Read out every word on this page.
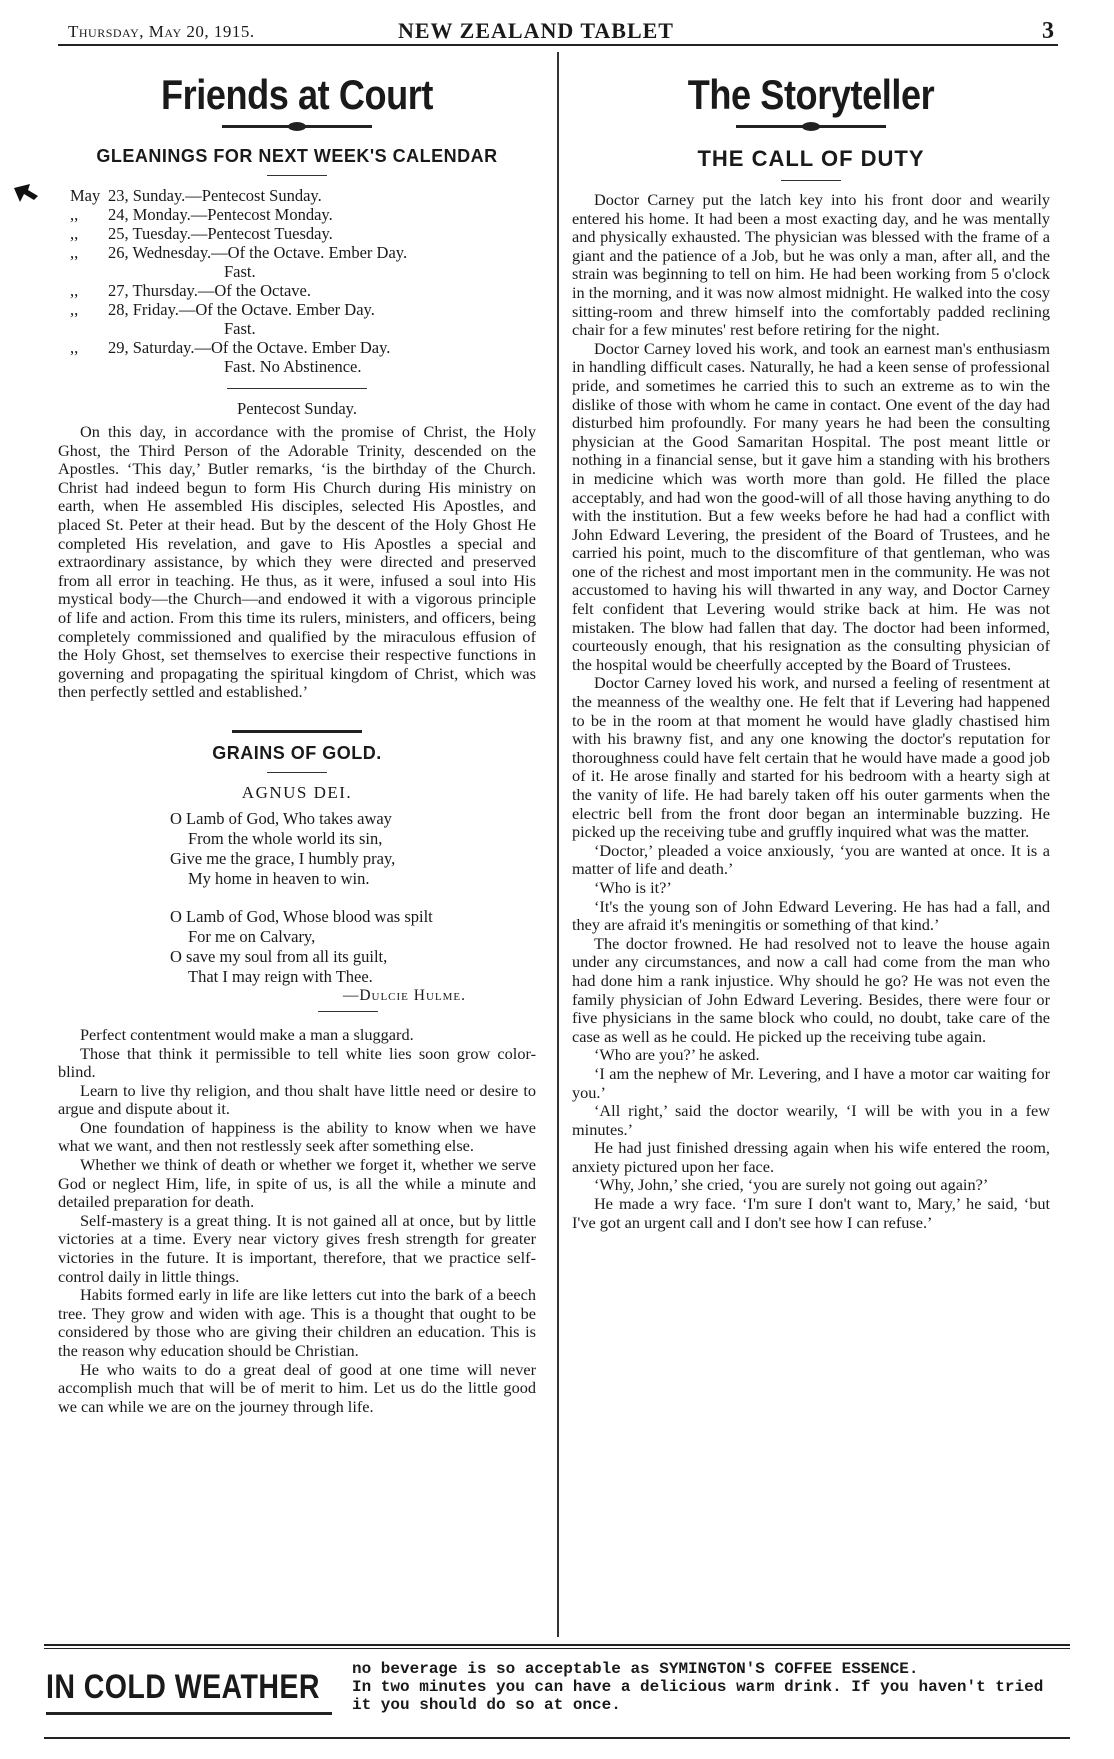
Thursday, May 20, 1915.	NEW ZEALAND TABLET	3
Friends at Court
GLEANINGS FOR NEXT WEEK'S CALENDAR
May 23, Sunday.—Pentecost Sunday.
,,	24, Monday.—Pentecost Monday.
,,	25, Tuesday.—Pentecost Tuesday.
,,	26, Wednesday.—Of the Octave. Ember Day.
Fast.
,,	27, Thursday.—Of the Octave.
,,	28, Friday.—Of the Octave. Ember Day.
Fast.
,,	29, Saturday.—Of the Octave. Ember Day.
Fast. No Abstinence.
Pentecost Sunday.

On this day, in accordance with the promise of Christ, the Holy Ghost, the Third Person of the Adorable Trinity, descended on the Apostles. ‘This day,’ Butler remarks, ‘is the birthday of the Church. Christ had indeed begun to form His Church during His ministry on earth, when He assembled His disciples, selected His Apostles, and placed St. Peter at their head. But by the descent of the Holy Ghost He completed His revelation, and gave to His Apostles a special and extraordinary assistance, by which they were directed and preserved from all error in teaching. He thus, as it were, infused a soul into His mystical body—the Church—and endowed it with a vigorous principle of life and action. From this time its rulers, ministers, and officers, being completely commissioned and qualified by the miraculous effusion of the Holy Ghost, set themselves to exercise their respective functions in governing and propagating the spiritual kingdom of Christ, which was then perfectly settled and established.’

GRAINS OF GOLD.
AGNUS DEI.
O Lamb of God, Who takes away
From the whole world its sin,
Give me the grace, I humbly pray,
My home in heaven to win.
O Lamb of God, Whose blood was spilt
For me on Calvary,
O save my soul from all its guilt,
That I may reign with Thee.
—Dulcie Hulme.

Perfect contentment would make a man a sluggard.

Those that think it permissible to tell white lies soon grow color-blind.

Learn to live thy religion, and thou shalt have little need or desire to argue and dispute about it.

One foundation of happiness is the ability to know when we have what we want, and then not restlessly seek after something else.

Whether we think of death or whether we forget it, whether we serve God or neglect Him, life, in spite of us, is all the while a minute and detailed preparation for death.

Self-mastery is a great thing. It is not gained all at once, but by little victories at a time. Every near victory gives fresh strength for greater victories in the future. It is important, therefore, that we practice self-control daily in little things.

Habits formed early in life are like letters cut into the bark of a beech tree. They grow and widen with age. This is a thought that ought to be considered by those who are giving their children an education. This is the reason why education should be Christian.

He who waits to do a great deal of good at one time will never accomplish much that will be of merit to him. Let us do the little good we can while we are on the journey through life.

The Storyteller
THE CALL OF DUTY

Doctor Carney put the latch key into his front door and wearily entered his home. It had been a most exacting day, and he was mentally and physically exhausted. The physician was blessed with the frame of a giant and the patience of a Job, but he was only a man, after all, and the strain was beginning to tell on him. He had been working from 5 o'clock in the morning, and it was now almost midnight. He walked into the cosy sitting-room and threw himself into the comfortably padded reclining chair for a few minutes' rest before retiring for the night.

Doctor Carney loved his work, and took an earnest man's enthusiasm in handling difficult cases. Naturally, he had a keen sense of professional pride, and sometimes he carried this to such an extreme as to win the dislike of those with whom he came in contact. One event of the day had disturbed him profoundly. For many years he had been the consulting physician at the Good Samaritan Hospital. The post meant little or nothing in a financial sense, but it gave him a standing with his brothers in medicine which was worth more than gold. He filled the place acceptably, and had won the good-will of all those having anything to do with the institution. But a few weeks before he had had a conflict with John Edward Levering, the president of the Board of Trustees, and he carried his point, much to the discomfiture of that gentleman, who was one of the richest and most important men in the community. He was not accustomed to having his will thwarted in any way, and Doctor Carney felt confident that Levering would strike back at him. He was not mistaken. The blow had fallen that day. The doctor had been informed, courteously enough, that his resignation as the consulting physician of the hospital would be cheerfully accepted by the Board of Trustees.

Doctor Carney loved his work, and nursed a feeling of resentment at the meanness of the wealthy one. He felt that if Levering had happened to be in the room at that moment he would have gladly chastised him with his brawny fist, and any one knowing the doctor's reputation for thoroughness could have felt certain that he would have made a good job of it. He arose finally and started for his bedroom with a hearty sigh at the vanity of life. He had barely taken off his outer garments when the electric bell from the front door began an interminable buzzing. He picked up the receiving tube and gruffly inquired what was the matter.

‘Doctor,’ pleaded a voice anxiously, ‘you are wanted at once. It is a matter of life and death.’

‘Who is it?’

‘It's the young son of John Edward Levering. He has had a fall, and they are afraid it's meningitis or something of that kind.’

The doctor frowned. He had resolved not to leave the house again under any circumstances, and now a call had come from the man who had done him a rank injustice. Why should he go? He was not even the family physician of John Edward Levering. Besides, there were four or five physicians in the same block who could, no doubt, take care of the case as well as he could. He picked up the receiving tube again.

‘Who are you?’ he asked.

‘I am the nephew of Mr. Levering, and I have a motor car waiting for you.’

‘All right,’ said the doctor wearily, ‘I will be with you in a few minutes.’

He had just finished dressing again when his wife entered the room, anxiety pictured upon her face.

‘Why, John,’ she cried, ‘you are surely not going out again?’

He made a wry face. ‘I'm sure I don't want to, Mary,’ he said, ‘but I've got an urgent call and I don't see how I can refuse.’

IN COLD WEATHER no beverage is so acceptable as SYMINGTON'S COFFEE ESSENCE.
In two minutes you can have a delicious warm drink. If you haven't tried
it you should do so at once.
